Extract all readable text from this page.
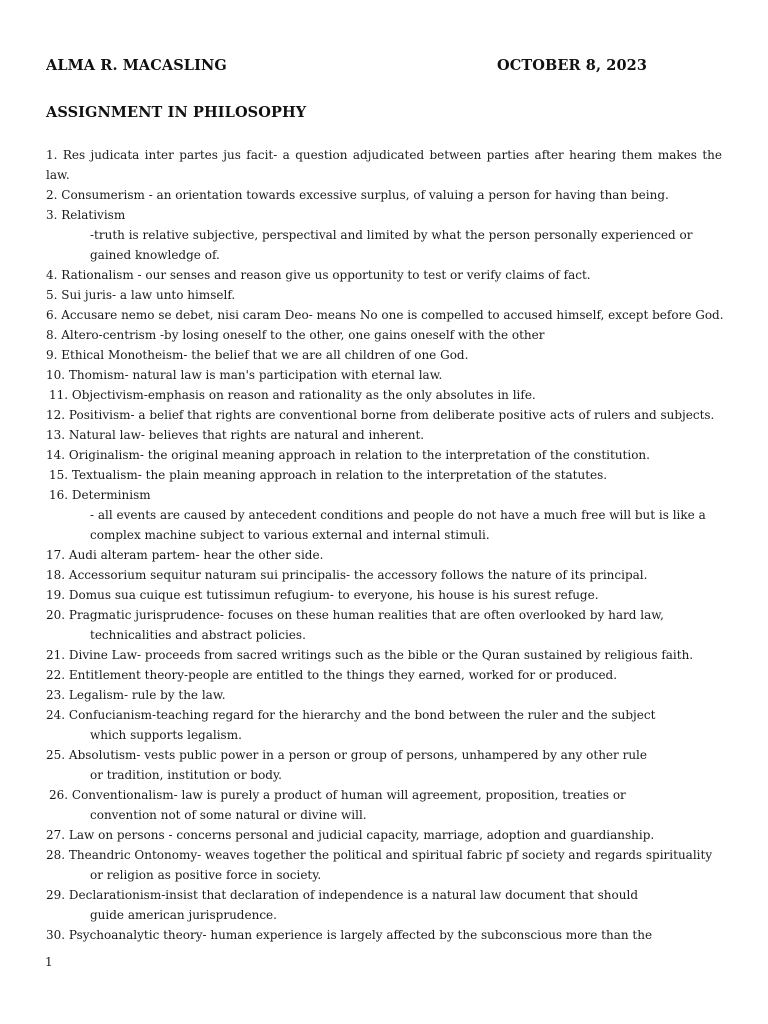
ALMA R. MACASLING	OCTOBER 8, 2023
ASSIGNMENT IN PHILOSOPHY
1. Res judicata inter partes jus facit- a question adjudicated between parties after hearing them makes the
law.
2. Consumerism - an orientation towards excessive surplus, of valuing a person for having than being.
3. Relativism
-truth is relative subjective, perspectival and limited by what the person personally experienced or
gained knowledge of.
4. Rationalism - our senses and reason give us opportunity to test or verify claims of fact.
5. Sui juris- a law unto himself.
6. Accusare nemo se debet, nisi caram Deo- means No one is compelled to accused himself, except before God.
8. Altero-centrism -by losing oneself to the other, one gains oneself with the other
9. Ethical Monotheism- the belief that we are all children of one God.
10. Thomism- natural law is man's participation with eternal law.
11. Objectivism-emphasis on reason and rationality as the only absolutes in life.
12. Positivism- a belief that rights are conventional borne from deliberate positive acts of rulers and subjects.
13. Natural law- believes that rights are natural and inherent.
14. Originalism- the original meaning approach in relation to the interpretation of the constitution.
15. Textualism- the plain meaning approach in relation to the interpretation of the statutes.
16. Determinism
- all events are caused by antecedent conditions and people do not have a much free will but is like a
complex machine subject to various external and internal stimuli.
17. Audi alteram partem- hear the other side.
18. Accessorium sequitur naturam sui principalis- the accessory follows the nature of its principal.
19. Domus sua cuique est tutissimun refugium- to everyone, his house is his surest refuge.
20. Pragmatic jurisprudence- focuses on these human realities that are often overlooked by hard law,
technicalities and abstract policies.
21. Divine Law- proceeds from sacred writings such as the bible or the Quran sustained by religious faith.
22. Entitlement theory-people are entitled to the things they earned, worked for or produced.
23. Legalism- rule by the law.
24. Confucianism-teaching regard for the hierarchy and the bond between the ruler and the subject
which supports legalism.
25. Absolutism- vests public power in a person or group of persons, unhampered by any other rule
or tradition, institution or body.
26. Conventionalism- law is purely a product of human will agreement, proposition, treaties or
convention not of some natural or divine will.
27. Law on persons - concerns personal and judicial capacity, marriage, adoption and guardianship.
28. Theandric Ontonomy- weaves together the political and spiritual fabric pf society and regards spirituality
or religion as positive force in society.
29. Declarationism-insist that declaration of independence is a natural law document that should
guide american jurisprudence.
30. Psychoanalytic theory- human experience is largely affected by the subconscious more than the
1
